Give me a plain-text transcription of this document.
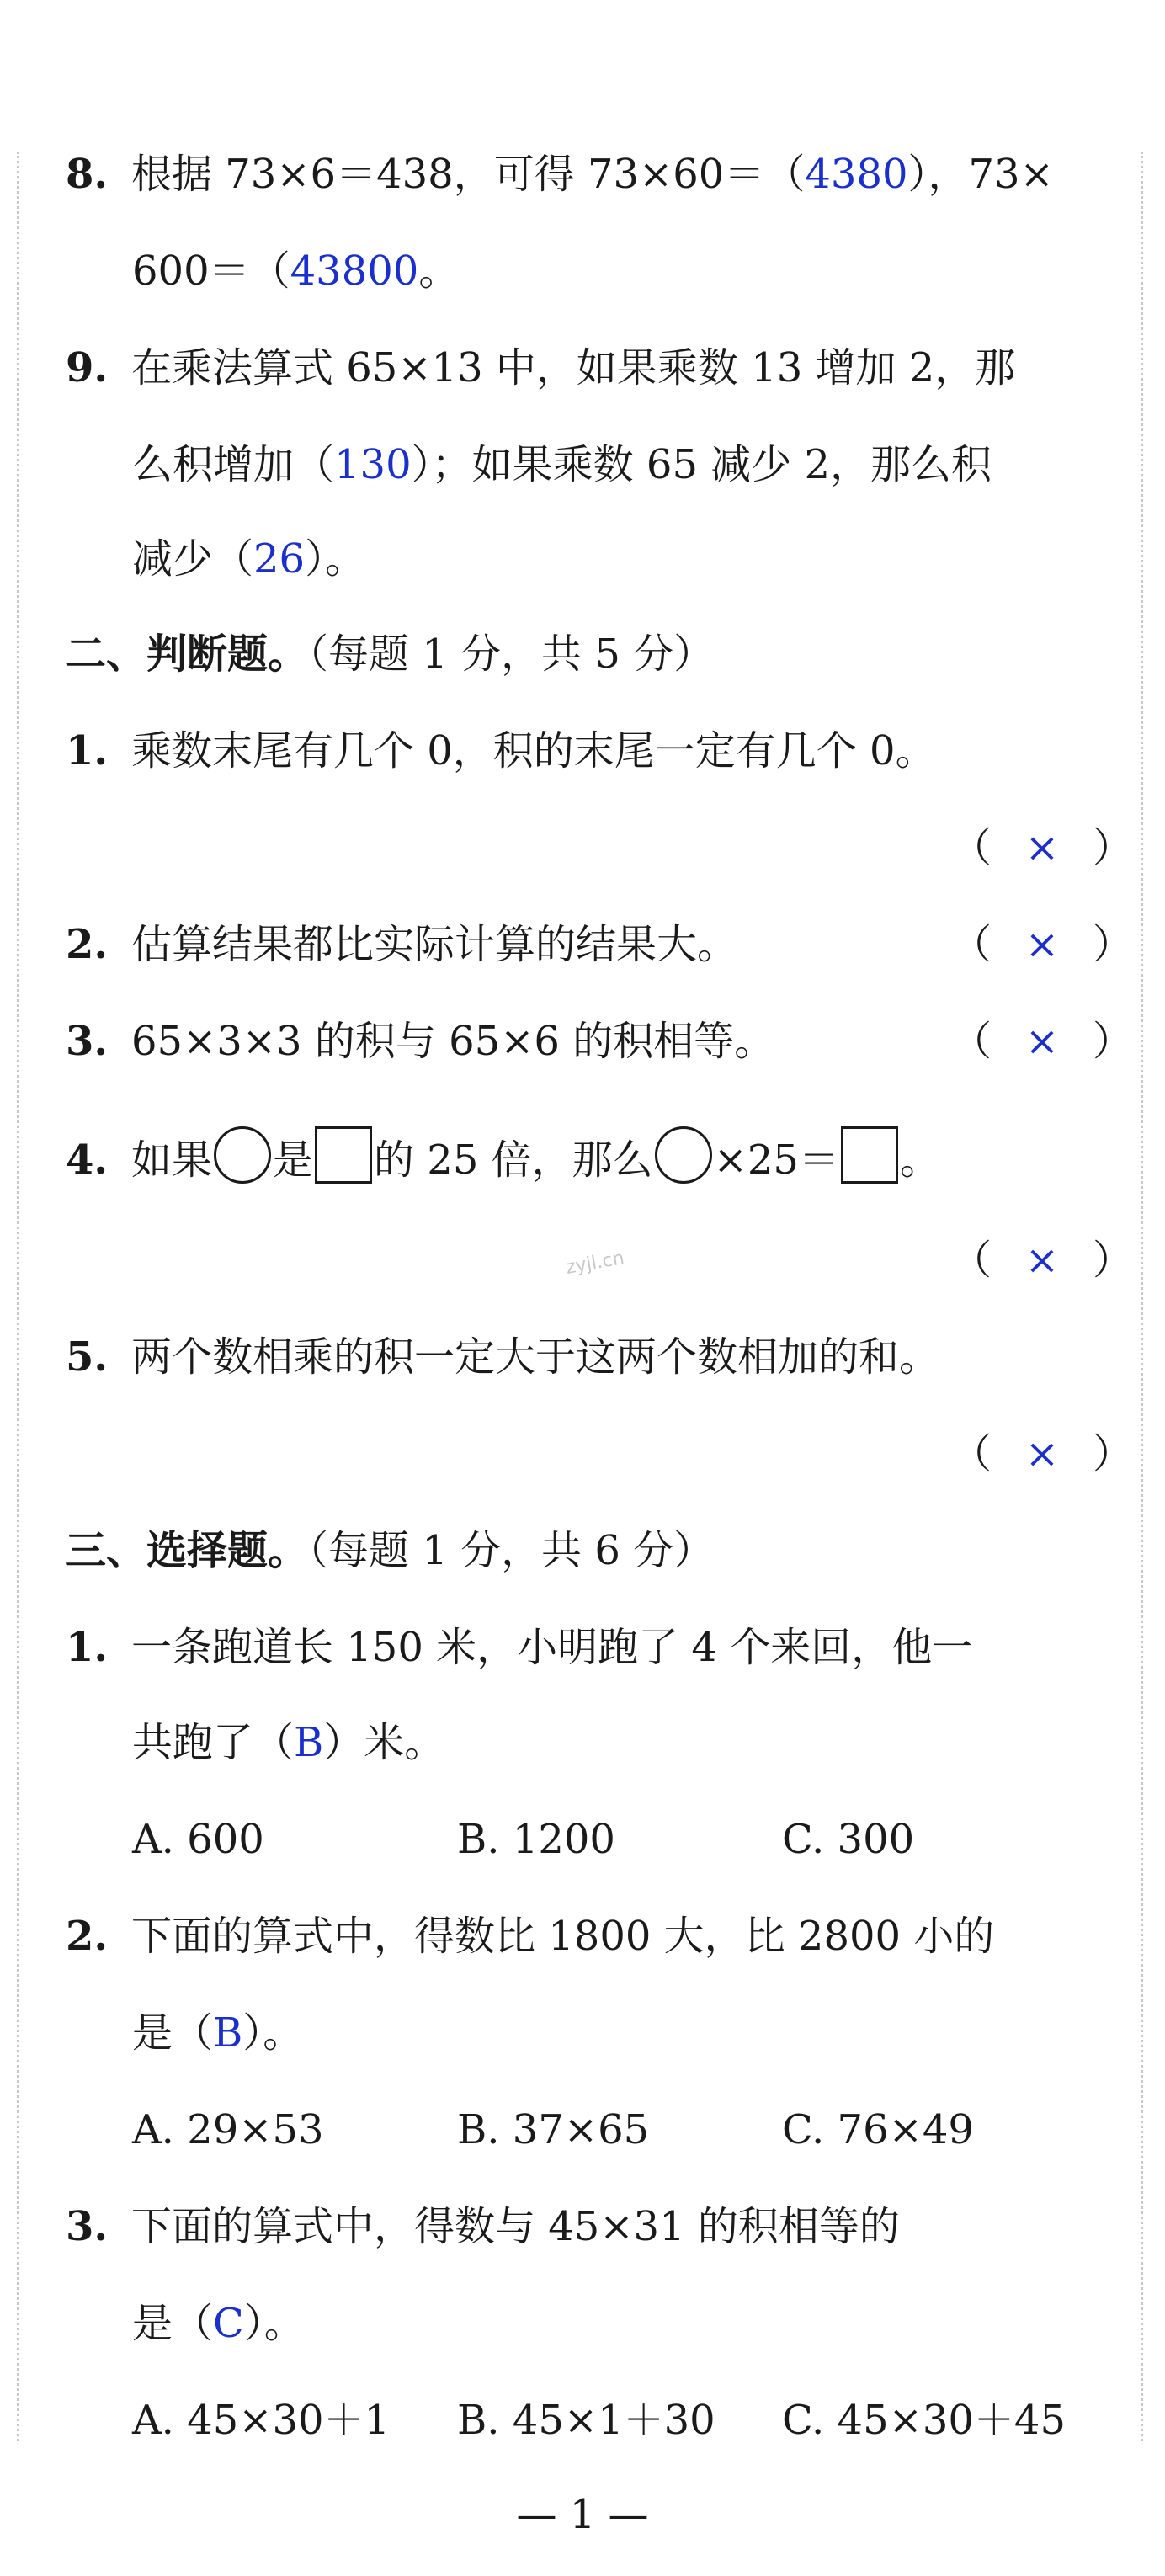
8. 根据 73×6＝438，可得 73×60＝（4380），73×
600＝（43800。
9. 在乘法算式 65×13 中，如果乘数 13 增加 2，那
么积增加（130）；如果乘数 65 减少 2，那么积
减少（26）。
二、判断题。（每题 1 分，共 5 分）
1. 乘数末尾有几个 0，积的末尾一定有几个 0。
（ × ）
2. 估算结果都比实际计算的结果大。	（ × ）
3. 65×3×3 的积与 65×6 的积相等。	（ × ）
4. 如果 是 的 25 倍，那么 ×25＝ 。
（ × ）
zyjl.cn
5. 两个数相乘的积一定大于这两个数相加的和。
（ × ）
三、选择题。（每题 1 分，共 6 分）
1. 一条跑道长 150 米，小明跑了 4 个来回，他一
共跑了（B）米。
A. 600	B. 1200	C. 300
2. 下面的算式中，得数比 1800 大，比 2800 小的
是（B）。
A. 29×53	B. 37×65	C. 76×49
3. 下面的算式中，得数与 45×31 的积相等的
是（C）。
A. 45×30＋1 B. 45×1＋30 C. 45×30＋45
— 1 —
